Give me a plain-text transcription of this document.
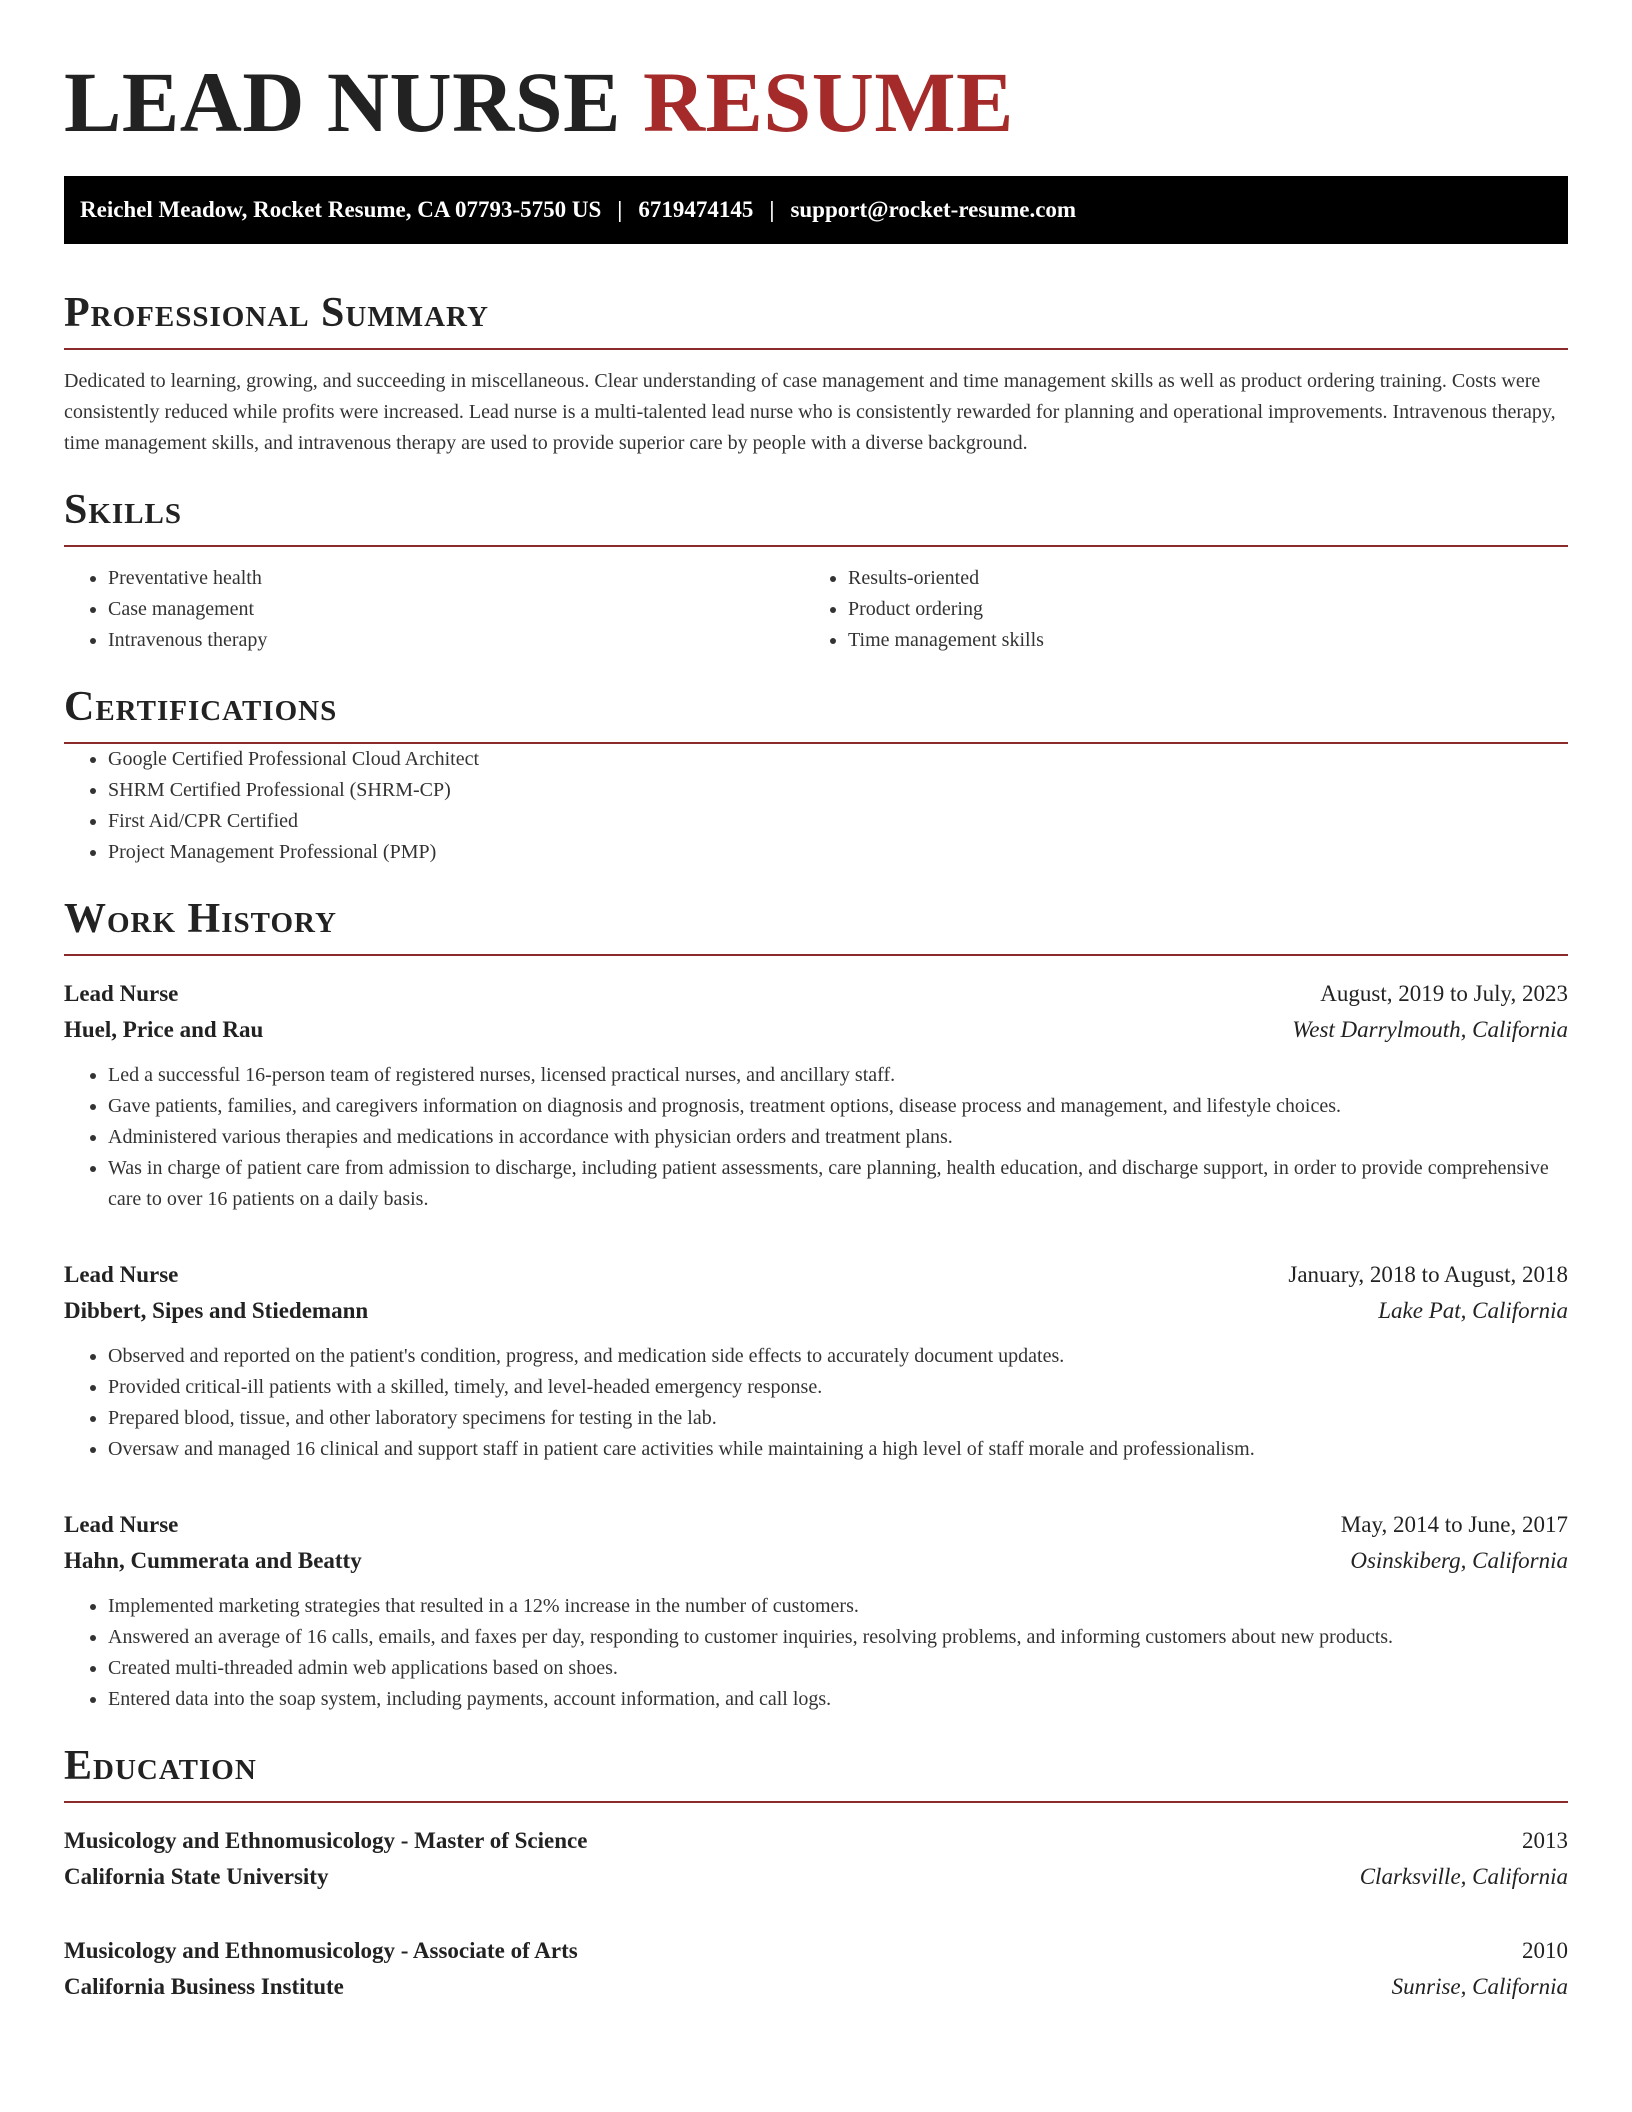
LEAD NURSE RESUME
Reichel Meadow, Rocket Resume, CA 07793-5750 US | 6719474145 | support@rocket-resume.com
Professional Summary

Dedicated to learning, growing, and succeeding in miscellaneous. Clear understanding of case management and time management skills as well as product ordering training. Costs were consistently reduced while profits were increased. Lead nurse is a multi-talented lead nurse who is consistently rewarded for planning and operational improvements. Intravenous therapy, time management skills, and intravenous therapy are used to provide superior care by people with a diverse background.

Skills
• Preventative health
• Case management
• Intravenous therapy
• Results-oriented
• Product ordering
• Time management skills
Certifications
• Google Certified Professional Cloud Architect
• SHRM Certified Professional (SHRM-CP)
• First Aid/CPR Certified
• Project Management Professional (PMP)
Work History
Lead Nurse	August, 2019 to July, 2023
Huel, Price and Rau	West Darrylmouth, California
• Led a successful 16-person team of registered nurses, licensed practical nurses, and ancillary staff.
• Gave patients, families, and caregivers information on diagnosis and prognosis, treatment options, disease process and management, and lifestyle choices.
• Administered various therapies and medications in accordance with physician orders and treatment plans.
• Was in charge of patient care from admission to discharge, including patient assessments, care planning, health education, and discharge support, in order to provide comprehensive care to over 16 patients on a daily basis.
Lead Nurse	January, 2018 to August, 2018
Dibbert, Sipes and Stiedemann	Lake Pat, California
• Observed and reported on the patient's condition, progress, and medication side effects to accurately document updates.
• Provided critical-ill patients with a skilled, timely, and level-headed emergency response.
• Prepared blood, tissue, and other laboratory specimens for testing in the lab.
• Oversaw and managed 16 clinical and support staff in patient care activities while maintaining a high level of staff morale and professionalism.
Lead Nurse	May, 2014 to June, 2017
Hahn, Cummerata and Beatty	Osinskiberg, California
• Implemented marketing strategies that resulted in a 12% increase in the number of customers.
• Answered an average of 16 calls, emails, and faxes per day, responding to customer inquiries, resolving problems, and informing customers about new products.
• Created multi-threaded admin web applications based on shoes.
• Entered data into the soap system, including payments, account information, and call logs.
Education
Musicology and Ethnomusicology - Master of Science	2013
California State University	Clarksville, California
Musicology and Ethnomusicology - Associate of Arts	2010
California Business Institute	Sunrise, California
